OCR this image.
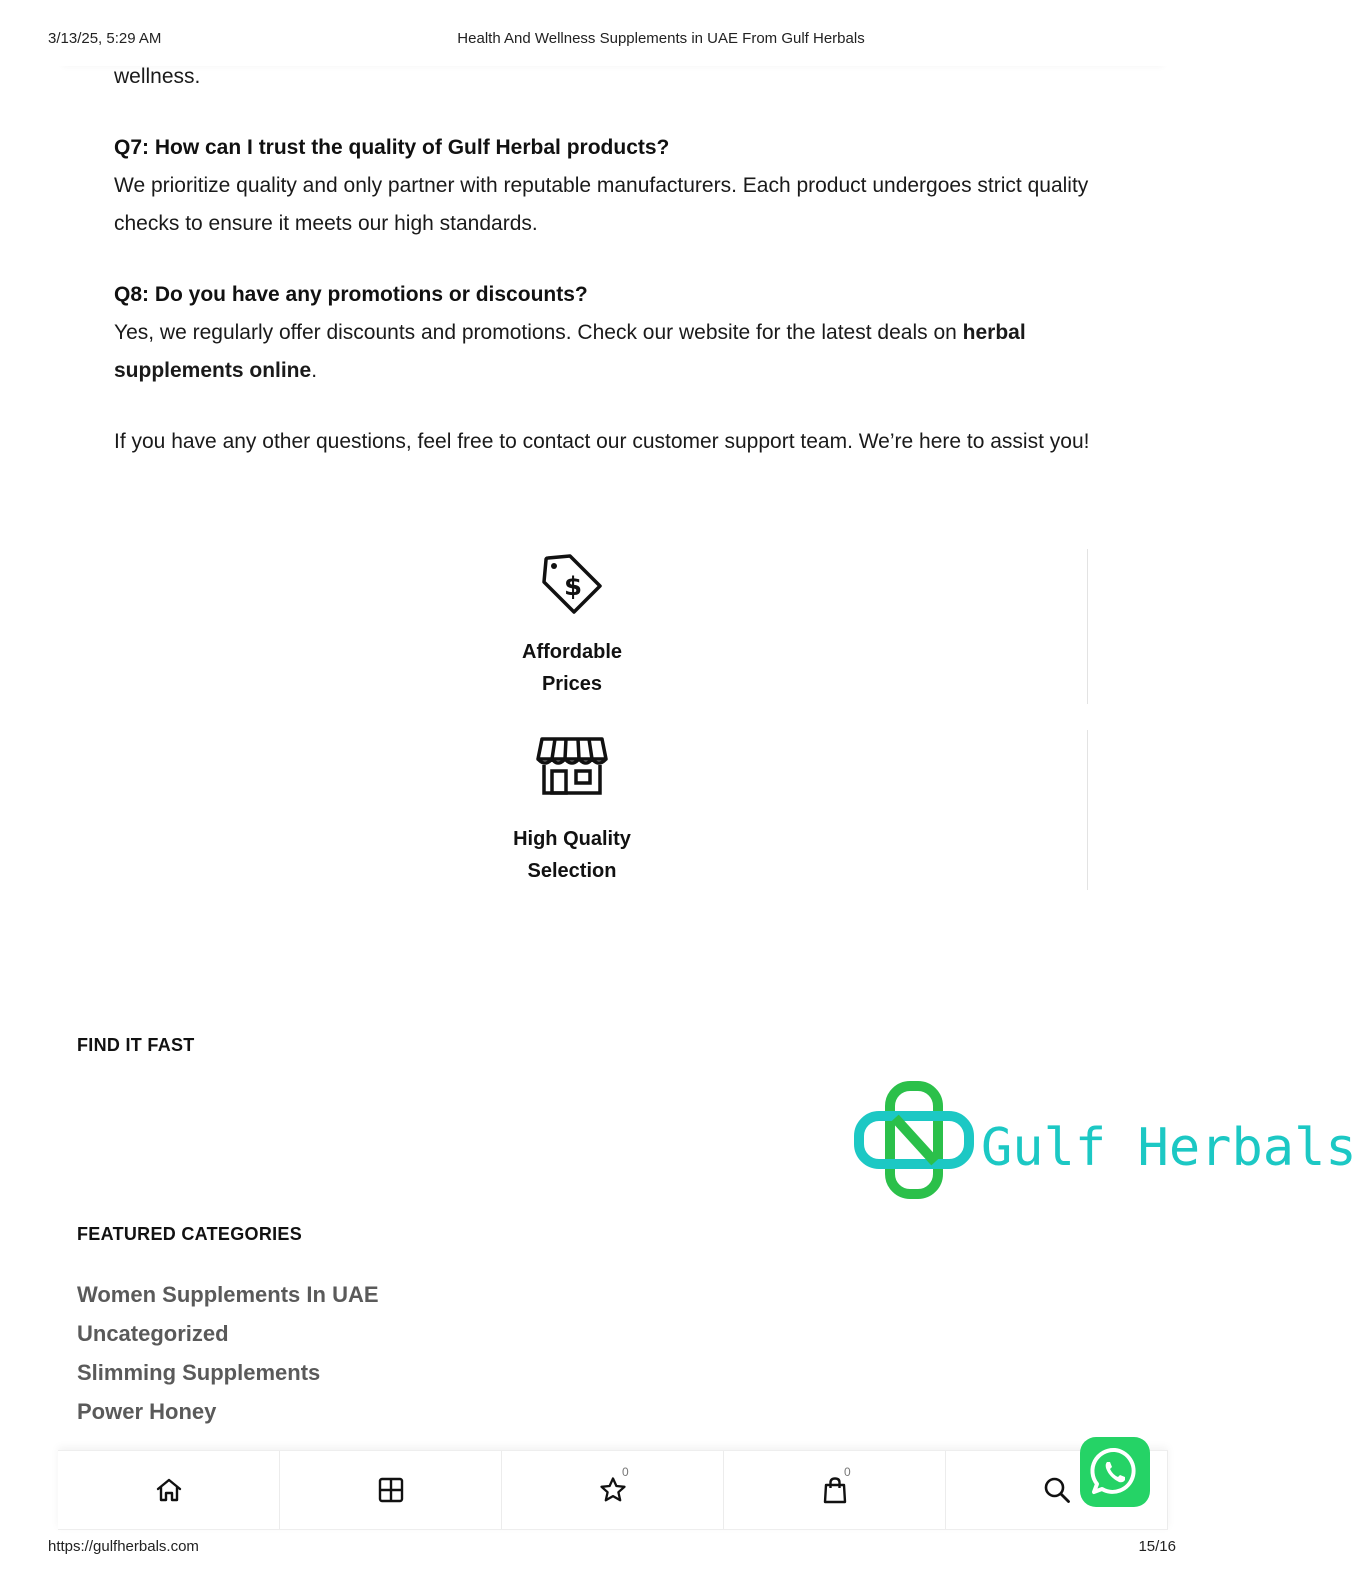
3/13/25, 5:29 AM	Health And Wellness Supplements in UAE From Gulf Herbals

wellness.

Q7: How can I trust the quality of Gulf Herbal products?

We prioritize quality and only partner with reputable manufacturers. Each product undergoes strict quality checks to ensure it meets our high standards.

Q8: Do you have any promotions or discounts?

Yes, we regularly offer discounts and promotions. Check our website for the latest deals on herbal supplements online.

If you have any other questions, feel free to contact our customer support team. We’re here to assist you!

$
Affordable
Prices
High Quality
Selection
FIND IT FAST
Gulf Herbals
FEATURED CATEGORIES
Women Supplements In UAE
Uncategorized
Slimming Supplements
Power Honey
0	0
https://gulfherbals.com	15/16
